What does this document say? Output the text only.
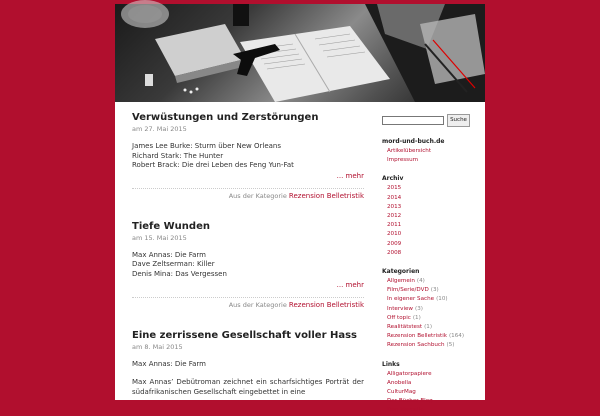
Verwüstungen und Zerstörungen
am 27. Mai 2015
James Lee Burke: Sturm über New Orleans
Richard Stark: The Hunter
Robert Brack: Die drei Leben des Feng Yun-Fat
... mehr
Aus der Kategorie Rezension Belletristik
Tiefe Wunden
am 15. Mai 2015
Max Annas: Die Farm
Dave Zeltserman: Killer
Denis Mina: Das Vergessen
... mehr
Aus der Kategorie Rezension Belletristik
Eine zerrissene Gesellschaft voller Hass
am 8. Mai 2015
Max Annas: Die Farm
Max Annas’ Debütroman zeichnet ein scharfsichtiges Porträt der südafrikanischen Gesellschaft eingebettet in eine
Suche
mord-und-buch.de
Artikelübersicht
Impressum
Archiv
2015
2014
2013
2012
2011
2010
2009
2008
Kategorien
Allgemein (4)
Film/Serie/DVD (3)
In eigener Sache (10)
Interview (3)
Off topic (1)
Realitätstest (1)
Rezension Belletristik (164)
Rezension Sachbuch (5)
Links
Alligatorpapiere
Anobella
CulturMag
Der Bücher Blog
Don Marcello
